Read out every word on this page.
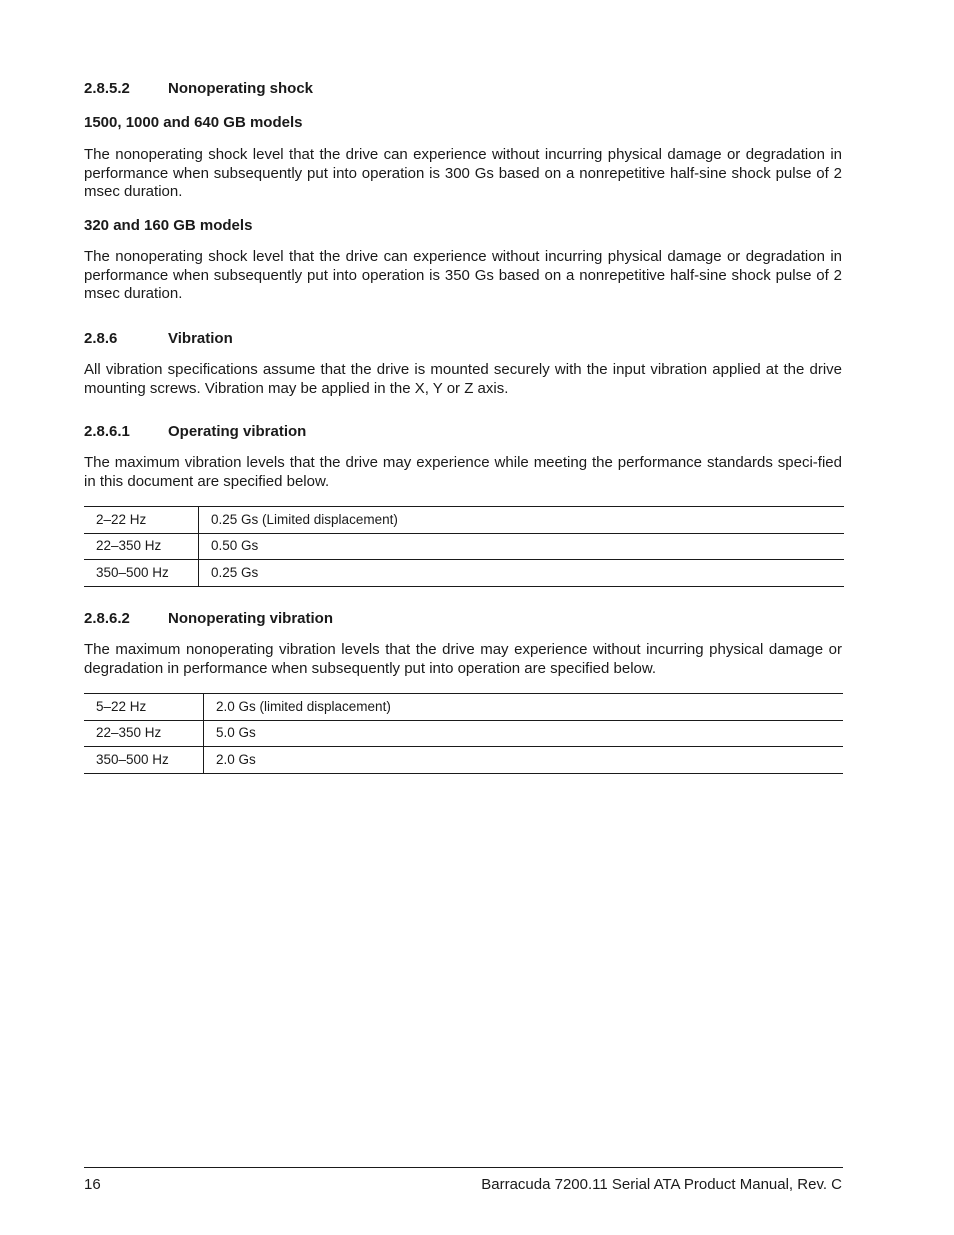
2.8.5.2	Nonoperating shock
1500, 1000 and 640 GB models
The nonoperating shock level that the drive can experience without incurring physical damage or degradation in performance when subsequently put into operation is 300 Gs based on a nonrepetitive half-sine shock pulse of 2 msec duration.
320 and 160 GB models
The nonoperating shock level that the drive can experience without incurring physical damage or degradation in performance when subsequently put into operation is 350 Gs based on a nonrepetitive half-sine shock pulse of 2 msec duration.
2.8.6	Vibration
All vibration specifications assume that the drive is mounted securely with the input vibration applied at the drive mounting screws. Vibration may be applied in the X, Y or Z axis.
2.8.6.1	Operating vibration
The maximum vibration levels that the drive may experience while meeting the performance standards speci-fied in this document are specified below.
2–22 Hz	0.25 Gs (Limited displacement)
22–350 Hz	0.50 Gs
350–500 Hz	0.25 Gs
2.8.6.2	Nonoperating vibration
The maximum nonoperating vibration levels that the drive may experience without incurring physical damage or degradation in performance when subsequently put into operation are specified below.
5–22 Hz	2.0 Gs (limited displacement)
22–350 Hz	5.0 Gs
350–500 Hz	2.0 Gs
16	Barracuda 7200.11 Serial ATA Product Manual, Rev. C
